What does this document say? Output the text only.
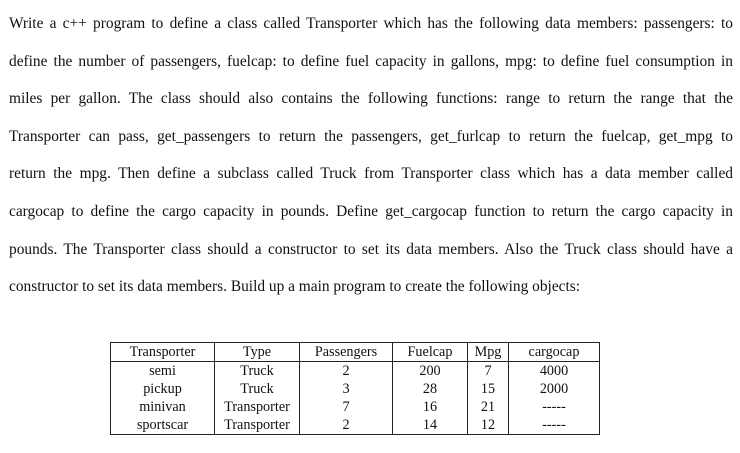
Write a c++ program to define a class called Transporter which has the following data members: passengers: to
define the number of passengers, fuelcap: to define fuel capacity in gallons, mpg: to define fuel consumption in
miles per gallon. The class should also contains the following functions: range to return the range that the
Transporter can pass, get_passengers to return the passengers, get_furlcap to return the fuelcap, get_mpg to
return the mpg. Then define a subclass called Truck from Transporter class which has a data member called
cargocap to define the cargo capacity in pounds. Define get_cargocap function to return the cargo capacity in
pounds. The Transporter class should a constructor to set its data members. Also the Truck class should have a
constructor to set its data members. Build up a main program to create the following objects:
Transporter	Type	Passengers	Fuelcap	Mpg	cargocap
semi	Truck	2	200	7	4000
pickup	Truck	3	28	15	2000
minivan	Transporter	7	16	21	-----
sportscar	Transporter	2	14	12	-----
